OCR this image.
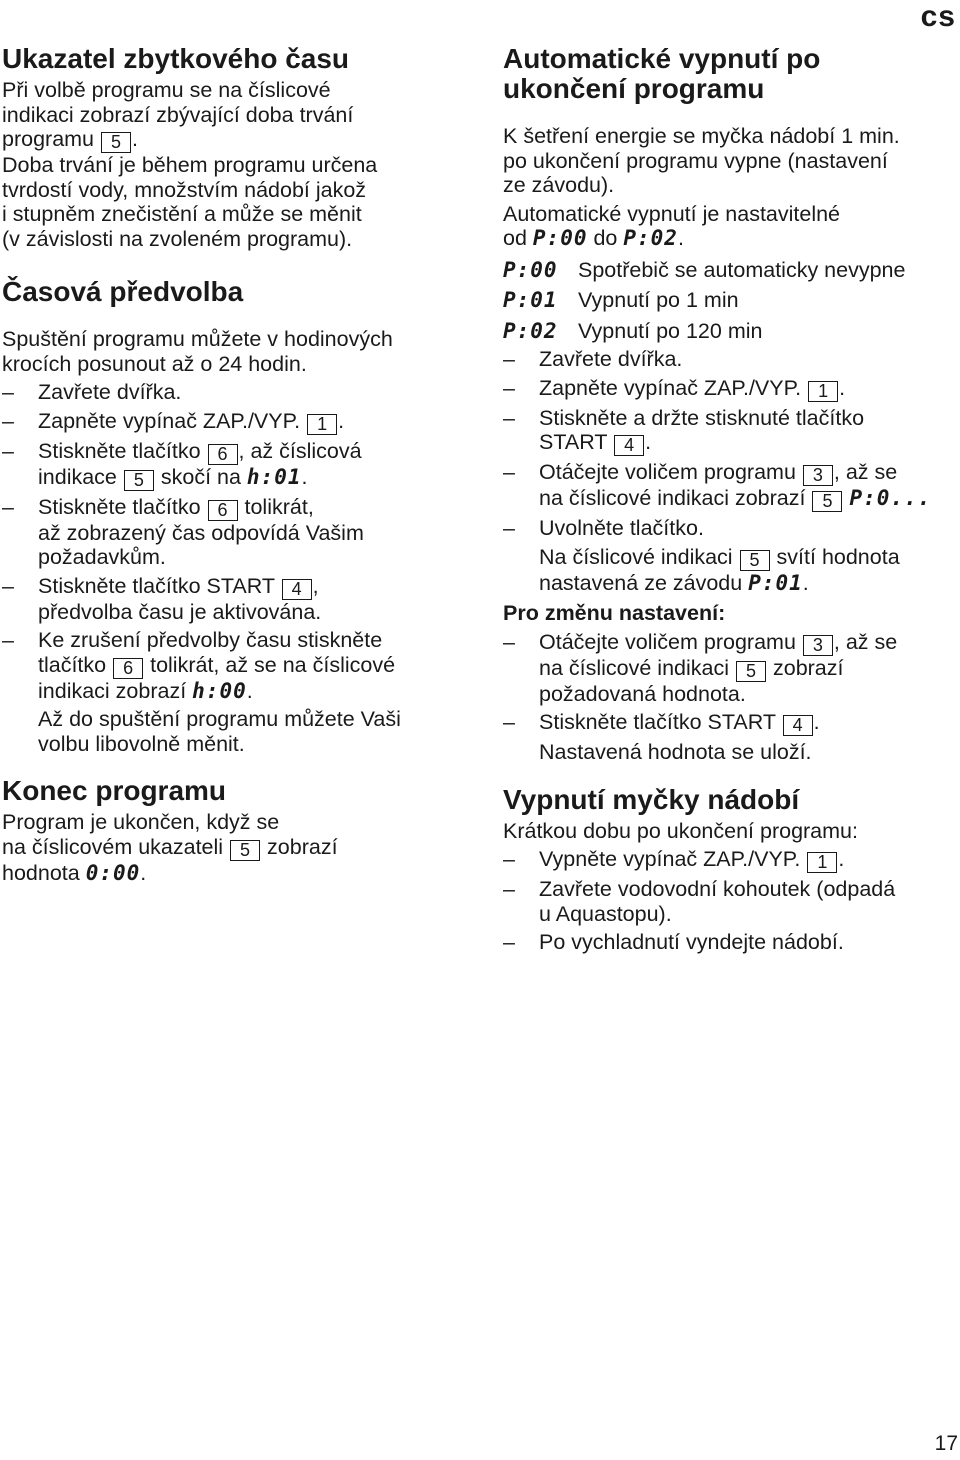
cs
Ukazatel zbytkového času

Při volbě programu se na číslicové

indikaci zobrazí zbývající doba trvání

programu 5 .

Doba trvání je během programu určena

tvrdostí vody, množstvím nádobí jakož

i stupněm znečistění a může se měnit

(v závislosti na zvoleném programu).

Časová předvolba

Spuštění programu můžete v hodinových

krocích posunout až o 24 hodin.

– Zavřete dvířka.

– Zapněte vypínač ZAP./VYP. 1 .

– Stiskněte tlačítko 6 , až číslicová
indikace 5 skočí na h:01.

– Stiskněte tlačítko 6 tolikrát,
až zobrazený čas odpovídá Vašim
požadavkům.

– Stiskněte tlačítko START 4 ,
předvolba času je aktivována.

– Ke zrušení předvolby času stiskněte
tlačítko 6 tolikrát, až se na číslicové
indikaci zobrazí h:00.

Až do spuštění programu můžete Vaši

volbu libovolně měnit.

Konec programu

Program je ukončen, když se

na číslicovém ukazateli 5 zobrazí

hodnota 0:00.

Automatické vypnutí po
ukončení programu

K šetření energie se myčka nádobí 1 min.

po ukončení programu vypne (nastavení

ze závodu).

Automatické vypnutí je nastavitelné

od P:00 do P:02.

P:00 Spotřebič se automaticky nevypne

P:01 Vypnutí po 1 min

P:02 Vypnutí po 120 min

– Zavřete dvířka.

– Zapněte vypínač ZAP./VYP. 1 .

– Stiskněte a držte stisknuté tlačítko
START 4 .

– Otáčejte voličem programu 3 , až se
na číslicové indikaci zobrazí 5 P:0...

– Uvolněte tlačítko.

Na číslicové indikaci 5 svítí hodnota
nastavená ze závodu P:01.

Pro změnu nastavení:

– Otáčejte voličem programu 3 , až se
na číslicové indikaci 5 zobrazí
požadovaná hodnota.

– Stiskněte tlačítko START 4 .

Nastavená hodnota se uloží.

Vypnutí myčky nádobí

Krátkou dobu po ukončení programu:

– Vypněte vypínač ZAP./VYP. 1 .

– Zavřete vodovodní kohoutek (odpadá
u Aquastopu).

– Po vychladnutí vyndejte nádobí.

17
